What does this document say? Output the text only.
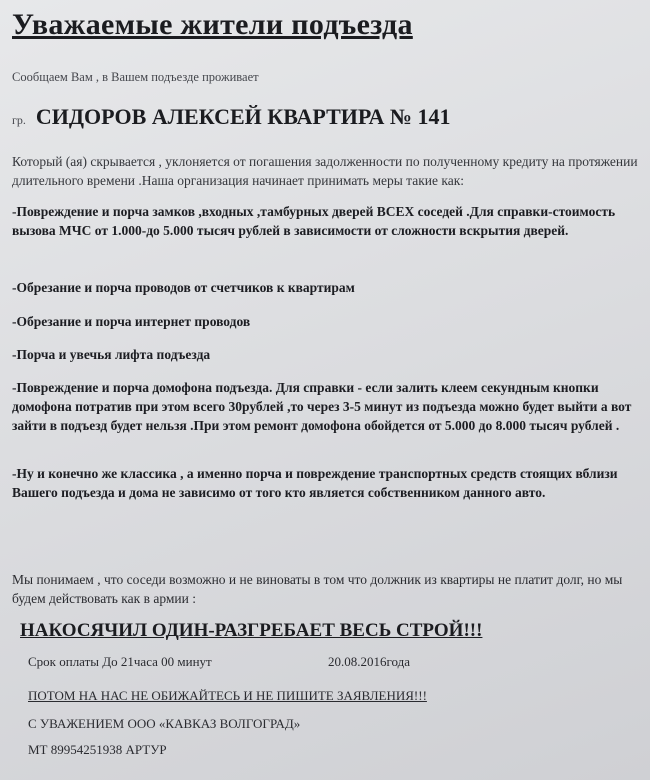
Уважаемые жители подъезда
Сообщаем Вам , в Вашем подъезде проживает
гр. СИДОРОВ АЛЕКСЕЙ КВАРТИРА № 141
Который (ая) скрывается , уклоняется от погашения задолженности по полученному кредиту на протяжении длительного времени .Наша организация начинает принимать меры такие как:
-Повреждение и порча замков ,входных ,тамбурных дверей ВСЕХ соседей .Для справки-стоимость вызова МЧС от 1.000-до 5.000 тысяч рублей в зависимости от сложности вскрытия дверей.
-Обрезание и порча проводов от счетчиков к квартирам
-Обрезание и порча интернет проводов
-Порча и увечья лифта подъезда
-Повреждение и порча домофона подъезда. Для справки - если залить клеем секундным кнопки домофона потратив при этом всего 30рублей ,то через 3-5 минут из подъезда можно будет выйти а вот зайти в подъезд будет нельзя .При этом ремонт домофона обойдется от 5.000 до 8.000 тысяч рублей .
-Ну и конечно же классика , а именно порча и повреждение транспортных средств стоящих вблизи Вашего подъезда и дома не зависимо от того кто является собственником данного авто.
Мы понимаем , что соседи возможно и не виноваты в том что должник из квартиры не платит долг, но мы будем действовать как в армии :
НАКОСЯЧИЛ ОДИН-РАЗГРЕБАЕТ ВЕСЬ СТРОЙ!!!
Срок оплаты До 21часа 00 минут	20.08.2016года
ПОТОМ НА НАС НЕ ОБИЖАЙТЕСЬ И НЕ ПИШИТЕ ЗАЯВЛЕНИЯ!!!
С УВАЖЕНИЕМ ООО «КАВКАЗ ВОЛГОГРАД»
МТ 89954251938 АРТУР
